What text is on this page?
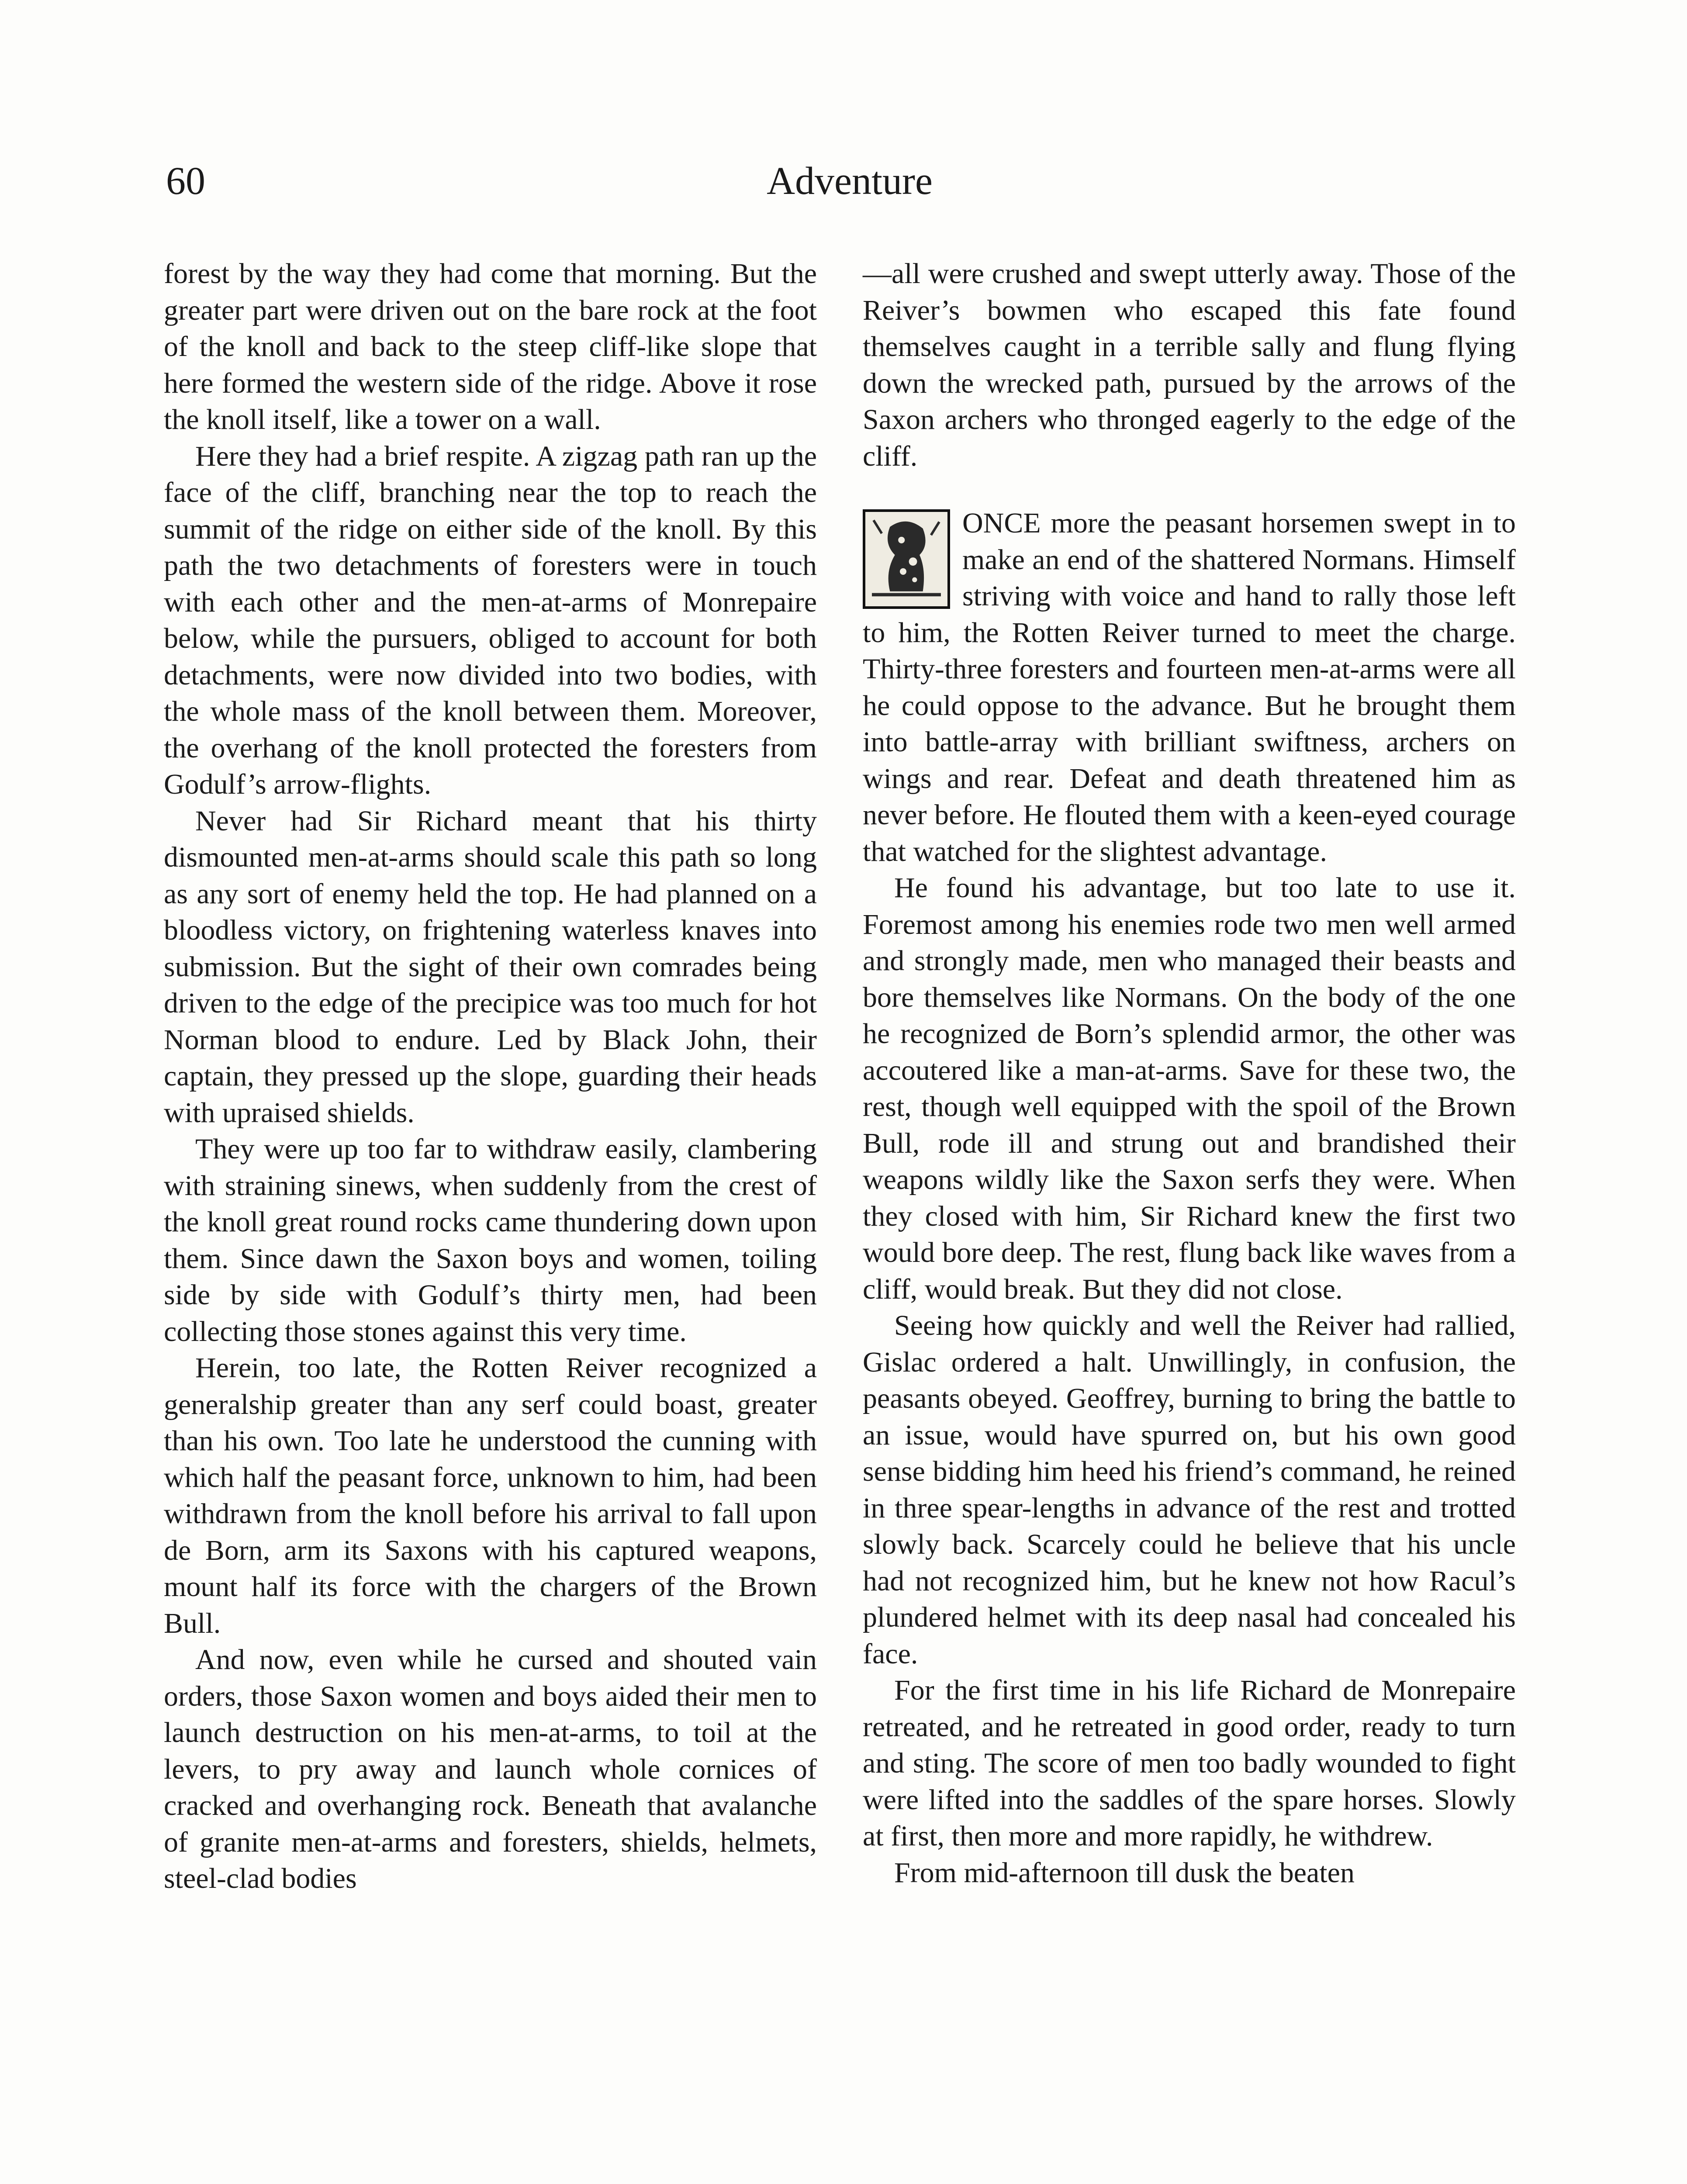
60	Adventure

forest by the way they had come that morning. But the greater part were driven out on the bare rock at the foot of the knoll and back to the steep cliff-like slope that here formed the western side of the ridge. Above it rose the knoll itself, like a tower on a wall.

Here they had a brief respite. A zigzag path ran up the face of the cliff, branching near the top to reach the summit of the ridge on either side of the knoll. By this path the two detachments of foresters were in touch with each other and the men-at-arms of Monrepaire below, while the pursuers, obliged to account for both detachments, were now divided into two bodies, with the whole mass of the knoll between them. Moreover, the overhang of the knoll protected the foresters from Godulf’s arrow-flights.

Never had Sir Richard meant that his thirty dismounted men-at-arms should scale this path so long as any sort of enemy held the top. He had planned on a bloodless victory, on frightening waterless knaves into submission. But the sight of their own comrades being driven to the edge of the precipice was too much for hot Norman blood to endure. Led by Black John, their captain, they pressed up the slope, guarding their heads with upraised shields.

They were up too far to withdraw easily, clambering with straining sinews, when suddenly from the crest of the knoll great round rocks came thundering down upon them. Since dawn the Saxon boys and women, toiling side by side with Godulf’s thirty men, had been collecting those stones against this very time.

Herein, too late, the Rotten Reiver recognized a generalship greater than any serf could boast, greater than his own. Too late he understood the cunning with which half the peasant force, unknown to him, had been withdrawn from the knoll before his arrival to fall upon de Born, arm its Saxons with his captured weapons, mount half its force with the chargers of the Brown Bull.

And now, even while he cursed and shouted vain orders, those Saxon women and boys aided their men to launch destruction on his men-at-arms, to toil at the levers, to pry away and launch whole cornices of cracked and overhanging rock. Beneath that avalanche of granite men-at-arms and foresters, shields, helmets, steel-clad bodies

—all were crushed and swept utterly away. Those of the Reiver’s bowmen who escaped this fate found themselves caught in a terrible sally and flung flying down the wrecked path, pursued by the arrows of the Saxon archers who thronged eagerly to the edge of the cliff.

ONCE more the peasant horsemen swept in to make an end of the shattered Normans. Himself striving with voice and hand to rally those left to him, the Rotten Reiver turned to meet the charge. Thirty-three foresters and fourteen men-at-arms were all he could oppose to the advance. But he brought them into battle-array with brilliant swiftness, archers on wings and rear. Defeat and death threatened him as never before. He flouted them with a keen-eyed courage that watched for the slightest advantage.

He found his advantage, but too late to use it. Foremost among his enemies rode two men well armed and strongly made, men who managed their beasts and bore themselves like Normans. On the body of the one he recognized de Born’s splendid armor, the other was accoutered like a man-at-arms. Save for these two, the rest, though well equipped with the spoil of the Brown Bull, rode ill and strung out and brandished their weapons wildly like the Saxon serfs they were. When they closed with him, Sir Richard knew the first two would bore deep. The rest, flung back like waves from a cliff, would break. But they did not close.

Seeing how quickly and well the Reiver had rallied, Gislac ordered a halt. Unwillingly, in confusion, the peasants obeyed. Geoffrey, burning to bring the battle to an issue, would have spurred on, but his own good sense bidding him heed his friend’s command, he reined in three spear-lengths in advance of the rest and trotted slowly back. Scarcely could he believe that his uncle had not recognized him, but he knew not how Racul’s plundered helmet with its deep nasal had concealed his face.

For the first time in his life Richard de Monrepaire retreated, and he retreated in good order, ready to turn and sting. The score of men too badly wounded to fight were lifted into the saddles of the spare horses. Slowly at first, then more and more rapidly, he withdrew.

From mid-afternoon till dusk the beaten
